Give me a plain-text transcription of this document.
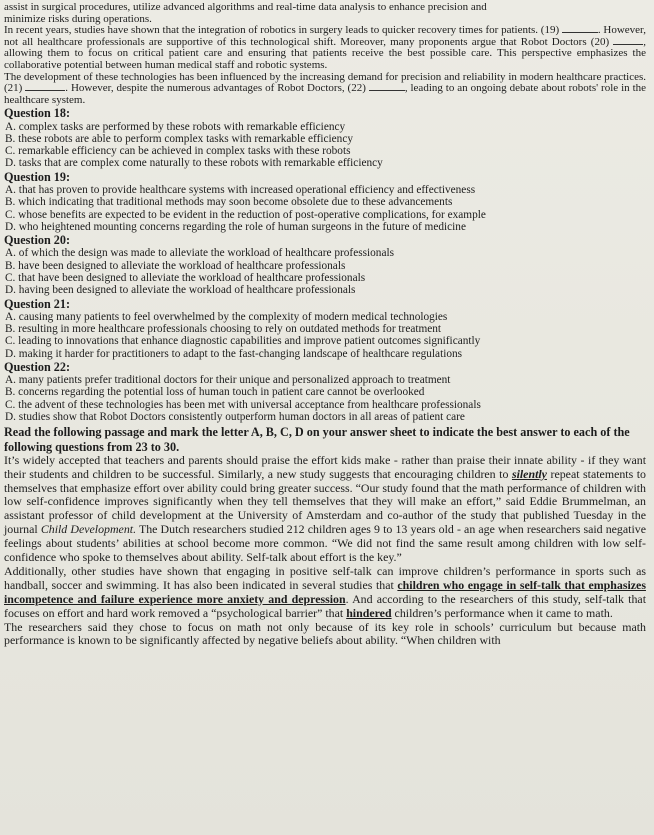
assist in surgical procedures, utilize advanced algorithms and real-time data analysis to enhance precision and

minimize risks during operations.

In recent years, studies have shown that the integration of robotics in surgery leads to quicker recovery times for patients. (19)	. However, not all healthcare professionals are supportive of this technological shift. Moreover, many proponents argue that Robot Doctors (20)	, allowing them to focus on critical patient care and ensuring that patients receive the best possible care. This perspective emphasizes the collaborative potential between human medical staff and robotic systems.

The development of these technologies has been influenced by the increasing demand for precision and reliability in modern healthcare practices. (21)	. However, despite the numerous advantages of Robot Doctors, (22)	, leading to an ongoing debate about robots' role in the healthcare system.

Question 18:
A. complex tasks are performed by these robots with remarkable efficiency
B. these robots are able to perform complex tasks with remarkable efficiency
C. remarkable efficiency can be achieved in complex tasks with these robots
D. tasks that are complex come naturally to these robots with remarkable efficiency
Question 19:
A. that has proven to provide healthcare systems with increased operational efficiency and effectiveness
B. which indicating that traditional methods may soon become obsolete due to these advancements
C. whose benefits are expected to be evident in the reduction of post-operative complications, for example
D. who heightened mounting concerns regarding the role of human surgeons in the future of medicine
Question 20:
A. of which the design was made to alleviate the workload of healthcare professionals
B. have been designed to alleviate the workload of healthcare professionals
C. that have been designed to alleviate the workload of healthcare professionals
D. having been designed to alleviate the workload of healthcare professionals
Question 21:
A. causing many patients to feel overwhelmed by the complexity of modern medical technologies
B. resulting in more healthcare professionals choosing to rely on outdated methods for treatment
C. leading to innovations that enhance diagnostic capabilities and improve patient outcomes significantly
D. making it harder for practitioners to adapt to the fast-changing landscape of healthcare regulations
Question 22:
A. many patients prefer traditional doctors for their unique and personalized approach to treatment
B. concerns regarding the potential loss of human touch in patient care cannot be overlooked
C. the advent of these technologies has been met with universal acceptance from healthcare professionals
D. studies show that Robot Doctors consistently outperform human doctors in all areas of patient care
Read the following passage and mark the letter A, B, C, D on your answer sheet to indicate the best answer to each of the following questions from 23 to 30.

It’s widely accepted that teachers and parents should praise the effort kids make - rather than praise their innate ability - if they want their students and children to be successful. Similarly, a new study suggests that encouraging children to silently repeat statements to themselves that emphasize effort over ability could bring greater success. “Our study found that the math performance of children with low self-confidence improves significantly when they tell themselves that they will make an effort,” said Eddie Brummelman, an assistant professor of child development at the University of Amsterdam and co-author of the study that published Tuesday in the journal Child Development. The Dutch researchers studied 212 children ages 9 to 13 years old - an age when researchers said negative feelings about students’ abilities at school become more common. “We did not find the same result among children with low self-confidence who spoke to themselves about ability. Self-talk about effort is the key.”

Additionally, other studies have shown that engaging in positive self-talk can improve children’s performance in sports such as handball, soccer and swimming. It has also been indicated in several studies that children who engage in self-talk that emphasizes incompetence and failure experience more anxiety and depression. And according to the researchers of this study, self-talk that focuses on effort and hard work removed a “psychological barrier” that hindered children’s performance when it came to math.

The researchers said they chose to focus on math not only because of its key role in schools’ curriculum but because math performance is known to be significantly affected by negative beliefs about ability. “When children with
